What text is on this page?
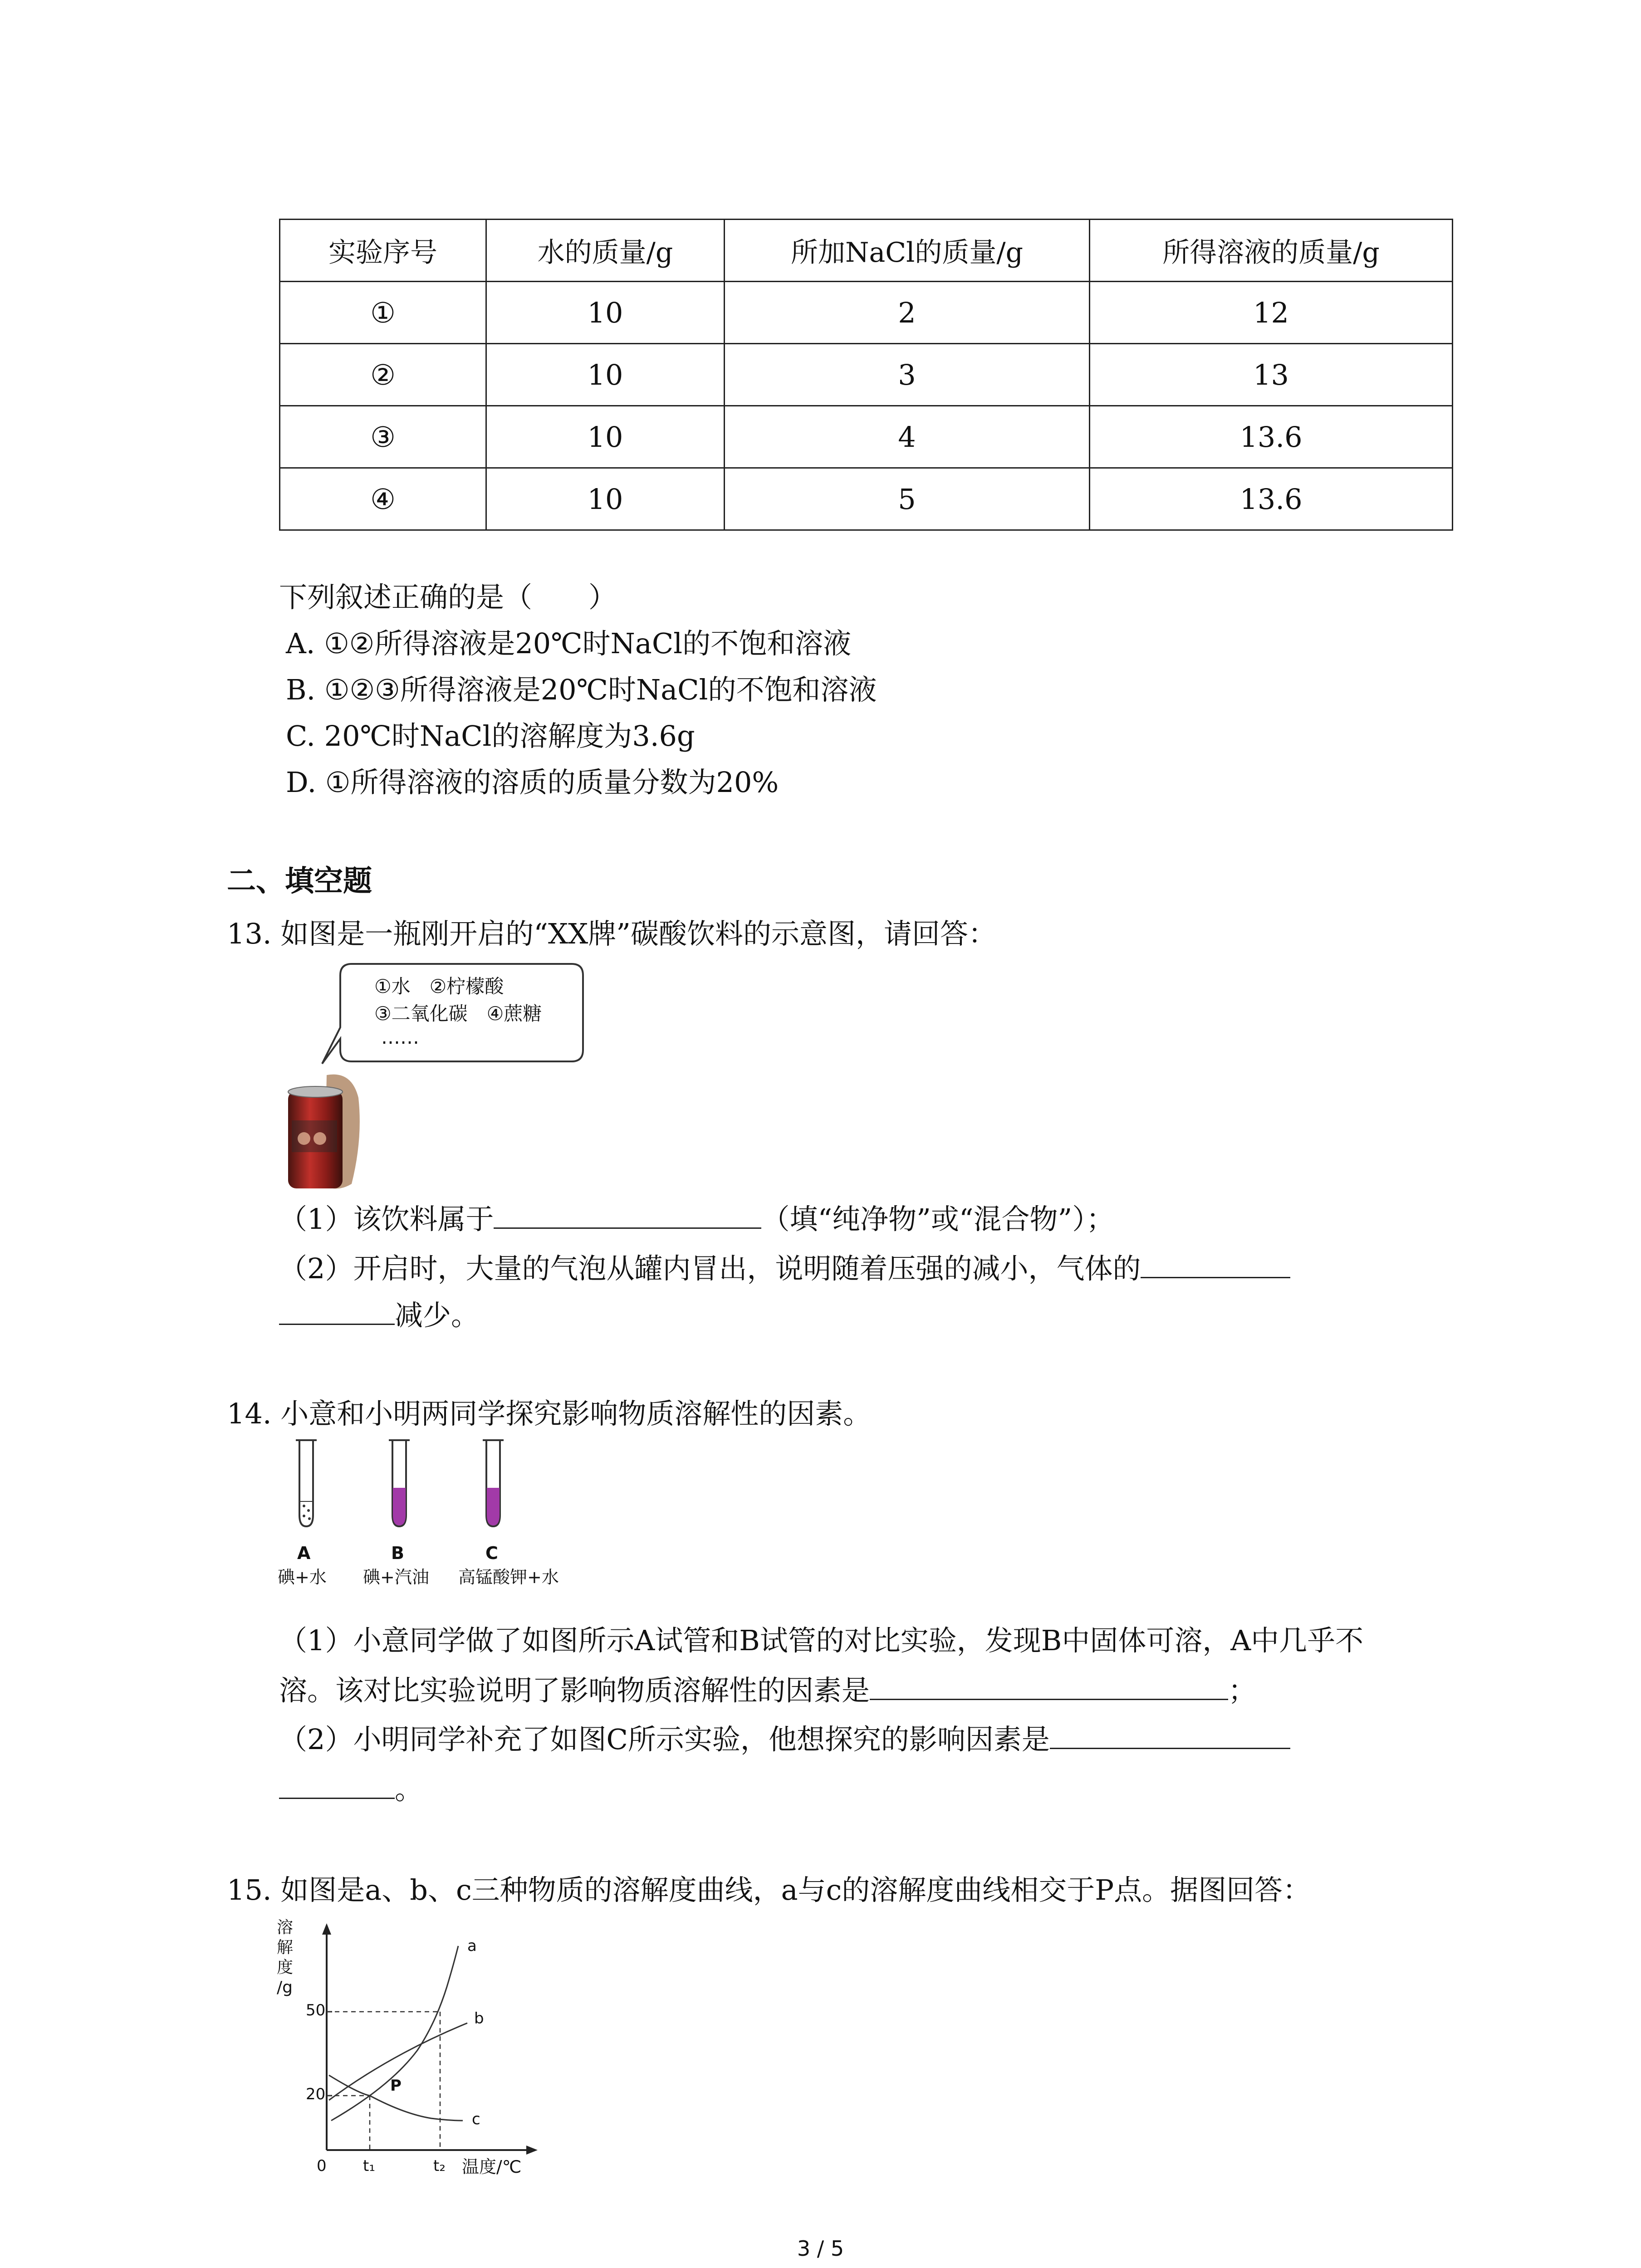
实验序号	水的质量/g	所加NaCl的质量/g	所得溶液的质量/g
①	10	2	12
②	10	3	13
③	10	4	13.6
④	10	5	13.6
下列叙述正确的是（　　）
A. ①②所得溶液是20℃时NaCl的不饱和溶液
B. ①②③所得溶液是20℃时NaCl的不饱和溶液
C. 20℃时NaCl的溶解度为3.6g
D. ①所得溶液的溶质的质量分数为20%
二、填空题
13. 如图是一瓶刚开启的“XX牌”碳酸饮料的示意图，请回答：
①水　②柠檬酸
③二氧化碳　④蔗糖
……
（1）该饮料属于	（填“纯净物”或“混合物”）；
（2）开启时，大量的气泡从罐内冒出，说明随着压强的减小，气体的
减少。
14. 小意和小明两同学探究影响物质溶解性的因素。
A	B	C
碘+水 碘+汽油 高锰酸钾+水
（1）小意同学做了如图所示A试管和B试管的对比实验，发现B中固体可溶，A中几乎不
溶。该对比实验说明了影响物质溶解性的因素是	；
（2）小明同学补充了如图C所示实验，他想探究的影响因素是
。
15. 如图是a、b、c三种物质的溶解度曲线，a与c的溶解度曲线相交于P点。据图回答：
溶
解
度
/g
50
20
0 t₁	t₂ 温度/℃
a
b
c
P
3 / 5
